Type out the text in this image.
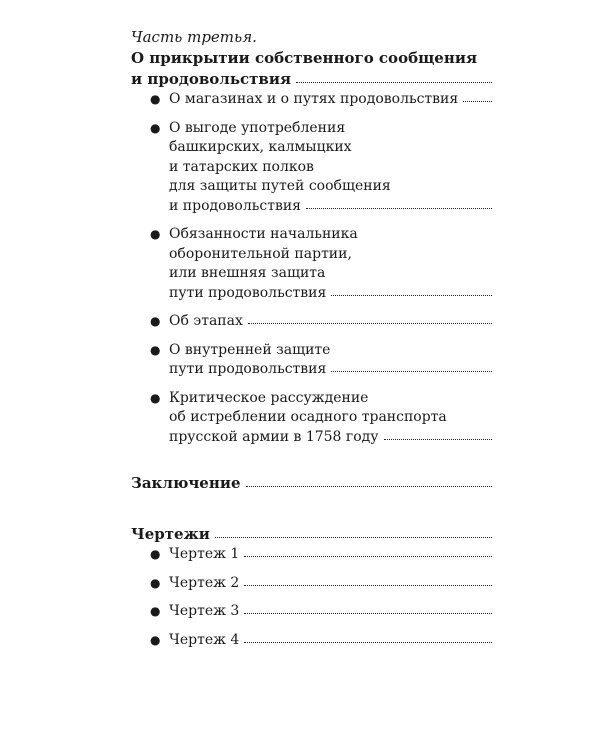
Часть третья.
О прикрытии собственного сообщения
и продовольствия
● О магазинах и о путях продовольствия
● О выгоде употребления
башкирских, калмыцких
и татарских полков
для защиты путей сообщения
и продовольствия
● Обязанности начальника
оборонительной партии,
или внешняя защита
пути продовольствия
● Об этапах
● О внутренней защите
пути продовольствия
● Критическое рассуждение
об истреблении осадного транспорта
прусской армии в 1758 году
Заключение
Чертежи
● Чертеж 1
● Чертеж 2
● Чертеж 3
● Чертеж 4
